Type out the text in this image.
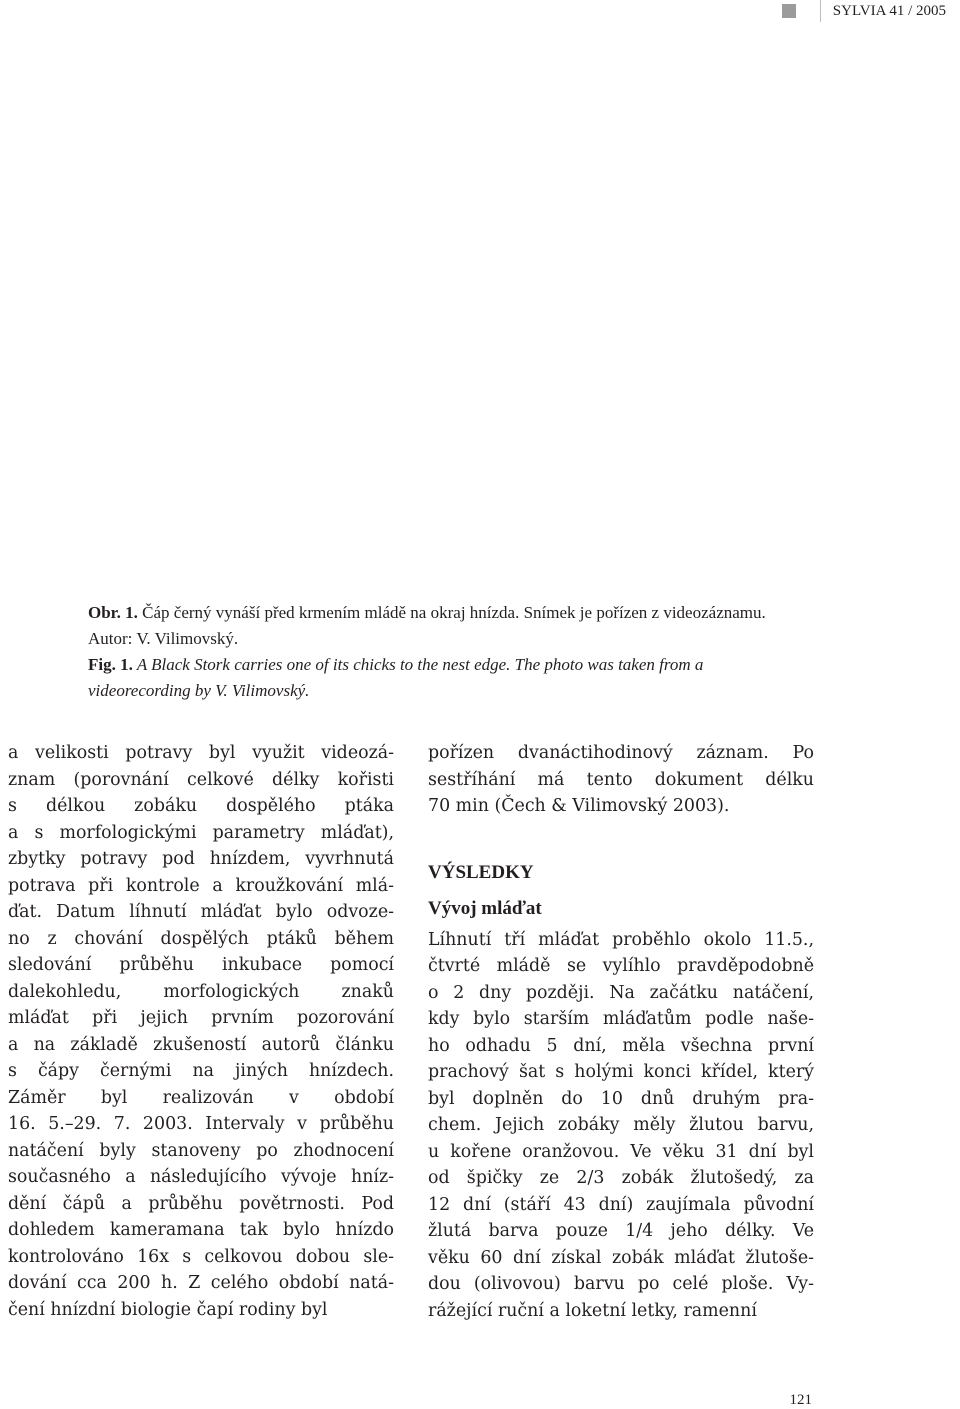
SYLVIA 41 / 2005

Obr. 1. Čáp černý vynáší před krmením mládě na okraj hnízda. Snímek je pořízen z videozáznamu. Autor: V. Vilimovský.

Fig. 1. A Black Stork carries one of its chicks to the nest edge. The photo was taken from a videorecording by V. Vilimovský.

a velikosti potravy byl využit videozá-
znam (porovnání celkové délky kořisti
s délkou zobáku dospělého ptáka
a s morfologickými parametry mláďat),
zbytky potravy pod hnízdem, vyvrhnutá
potrava při kontrole a kroužkování mlá-
ďat. Datum líhnutí mláďat bylo odvoze-
no z chování dospělých ptáků během
sledování průběhu inkubace pomocí
dalekohledu, morfologických znaků
mláďat při jejich prvním pozorování
a na základě zkušeností autorů článku
s čápy černými na jiných hnízdech.
Záměr byl realizován v období
16. 5.–29. 7. 2003. Intervaly v průběhu
natáčení byly stanoveny po zhodnocení
současného a následujícího vývoje hníz-
dění čápů a průběhu povětrnosti. Pod
dohledem kameramana tak bylo hnízdo
kontrolováno 16x s celkovou dobou sle-
dování cca 200 h. Z celého období natá-
čení hnízdní biologie čapí rodiny byl
pořízen dvanáctihodinový záznam. Po
sestříhání má tento dokument délku
70 min (Čech & Vilimovský 2003).
VÝSLEDKY
Vývoj mláďat
Líhnutí tří mláďat proběhlo okolo 11.5.,
čtvrté mládě se vylíhlo pravděpodobně
o 2 dny později. Na začátku natáčení,
kdy bylo starším mláďatům podle naše-
ho odhadu 5 dní, měla všechna první
prachový šat s holými konci křídel, který
byl doplněn do 10 dnů druhým pra-
chem. Jejich zobáky měly žlutou barvu,
u kořene oranžovou. Ve věku 31 dní byl
od špičky ze 2/3 zobák žlutošedý, za
12 dní (stáří 43 dní) zaujímala původní
žlutá barva pouze 1/4 jeho délky. Ve
věku 60 dní získal zobák mláďat žlutoše-
dou (olivovou) barvu po celé ploše. Vy-
rážející ruční a loketní letky, ramenní
121
